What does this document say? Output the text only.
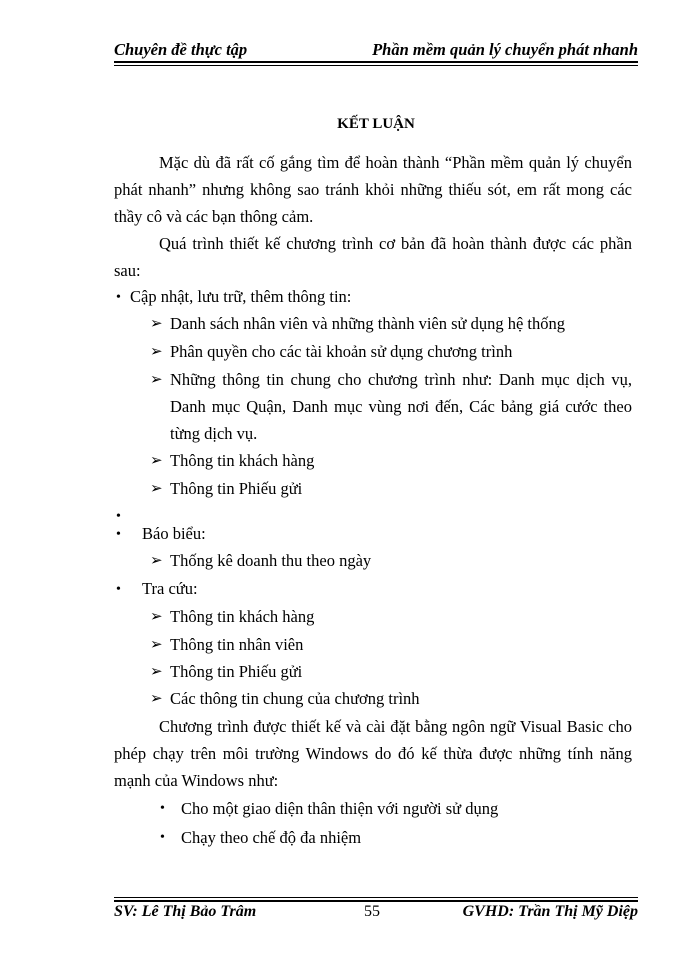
Chuyên đề thực tập	Phần mềm quản lý chuyển phát nhanh
KẾT LUẬN

Mặc dù đã rất cố gắng tìm để hoàn thành “Phần mềm quản lý chuyển phát nhanh” nhưng không sao tránh khỏi những thiếu sót, em rất mong các thầy cô và các bạn thông cảm.

Quá trình thiết kế chương trình cơ bản đã hoàn thành được các phần sau:

• Cập nhật, lưu trữ, thêm thông tin:
➢ Danh sách nhân viên và những thành viên sử dụng hệ thống
➢ Phân quyền cho các tài khoản sử dụng chương trình
➢ Những thông tin chung cho chương trình như: Danh mục dịch vụ, Danh mục Quận, Danh mục vùng nơi đến, Các bảng giá cước theo từng dịch vụ.

➢ Thông tin khách hàng
➢ Thông tin Phiếu gửi
•
• Báo biểu:
➢ Thống kê doanh thu theo ngày
• Tra cứu:
➢ Thông tin khách hàng
➢ Thông tin nhân viên
➢ Thông tin Phiếu gửi
➢ Các thông tin chung của chương trình

Chương trình được thiết kế và cài đặt bằng ngôn ngữ Visual Basic cho phép chạy trên môi trường Windows do đó kế thừa được những tính năng mạnh của Windows như:

• Cho một giao diện thân thiện với người sử dụng
• Chạy theo chế độ đa nhiệm
SV: Lê Thị Bảo Trâm	55	GVHD: Trần Thị Mỹ Diệp
